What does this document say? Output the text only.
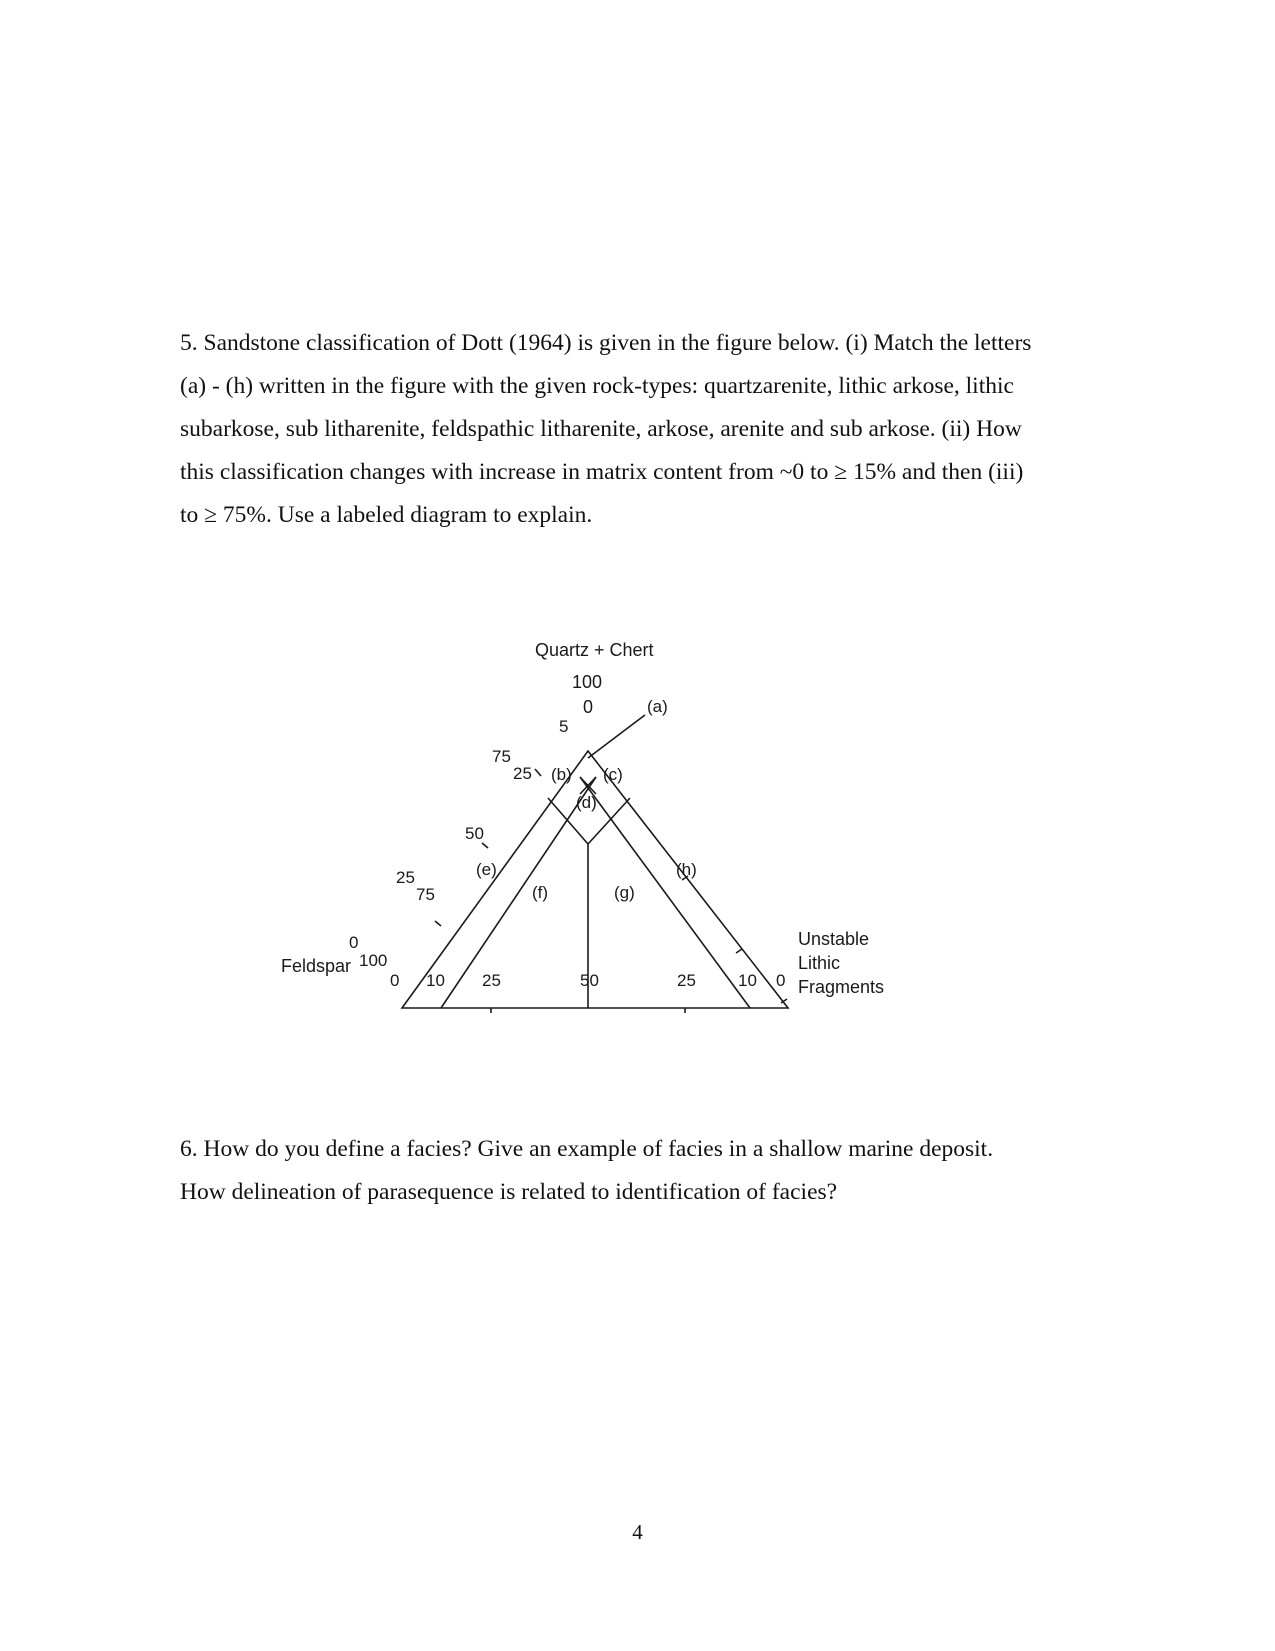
5. Sandstone classification of Dott (1964) is given in the figure below. (i) Match the letters

(a) - (h) written in the figure with the given rock-types: quartzarenite, lithic arkose, lithic

subarkose, sub litharenite, feldspathic litharenite, arkose, arenite and sub arkose. (ii) How

this classification changes with increase in matrix content from ~0 to ≥ 15% and then (iii)

to ≥ 75%. Use a labeled diagram to explain.

Quartz + Chert
100
0
Feldspar
Unstable
Lithic
Fragments
0
100
25
75
50
75
25
5
0 10 25	50	25 10 0
(a)
(b) (c)
(d)
(e)
(f)	(g)
(h)

6. How do you define a facies? Give an example of facies in a shallow marine deposit.

How delineation of parasequence is related to identification of facies?

4
